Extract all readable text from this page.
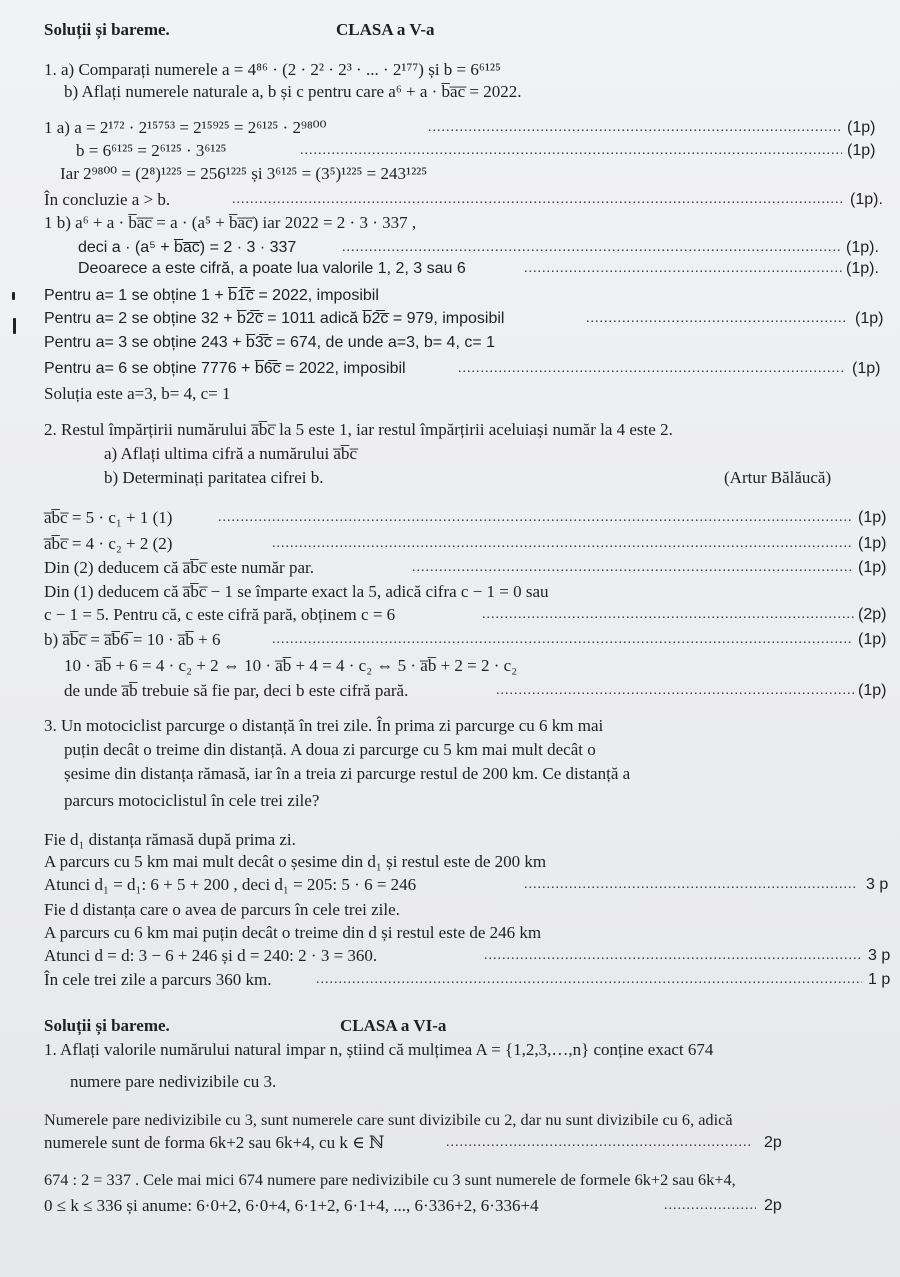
Soluții și bareme.	CLASA a V-a
1. a) Comparați numerele a = 4⁸⁶ · (2 · 2² · 2³ · ... · 2¹⁷⁷) și b = 6⁶¹²⁵
b) Aflați numerele naturale a, b și c pentru care a⁶ + a · b̅a̅c̅ = 2022.
1 a) a = 2¹⁷² · 2¹⁵⁷⁵³ = 2¹⁵⁹²⁵ = 2⁶¹²⁵ · 2⁹⁸⁰⁰ .....	(1p)
b = 6⁶¹²⁵ = 2⁶¹²⁵ · 3⁶¹²⁵ .....	(1p)
Iar 2⁹⁸⁰⁰ = (2⁸)¹²²⁵ = 256¹²²⁵ și 3⁶¹²⁵ = (3⁵)¹²²⁵ = 243¹²²⁵
În concluzie a > b. .....	(1p).
1 b) a⁶ + a · b̅a̅c̅ = a · (a⁵ + b̅a̅c̅) iar 2022 = 2 · 3 · 337 ,
deci a · (a⁵ + b̅a̅c̅) = 2 · 3 · 337 .....	(1p).
Deoarece a este cifră, a poate lua valorile 1, 2, 3 sau 6 .....	(1p).
Pentru a= 1 se obține 1 + b̅1̅c̅ = 2022, imposibil
Pentru a= 2 se obține 32 + b̅2̅c̅ = 1011 adică b̅2̅c̅ = 979, imposibil .....	(1p)
Pentru a= 3 se obține 243 + b̅3̅c̅ = 674, de unde a=3, b= 4, c= 1
Pentru a= 6 se obține 7776 + b̅6̅c̅ = 2022, imposibil .....	(1p)
Soluția este a=3, b= 4, c= 1
2. Restul împărțirii numărului a̅b̅c̅ la 5 este 1, iar restul împărțirii aceluiași număr la 4 este 2.
a) Aflați ultima cifră a numărului a̅b̅c̅
b) Determinați paritatea cifrei b.	(Artur Bălăucă)
a̅b̅c̅ = 5 · c₁ + 1 (1) .....	(1p)
a̅b̅c̅ = 4 · c₂ + 2 (2) .....	(1p)
Din (2) deducem că a̅b̅c̅ este număr par. .....	(1p)
Din (1) deducem că a̅b̅c̅ − 1 se împarte exact la 5, adică cifra c − 1 = 0 sau
c − 1 = 5. Pentru că, c este cifră pară, obținem c = 6 .....	(2p)
b) a̅b̅c̅ = a̅b̅6̅ = 10 · a̅b̅ + 6 .....	(1p)
10 · a̅b̅ + 6 = 4 · c₂ + 2 ⇔ 10 · a̅b̅ + 4 = 4 · c₂ ⇔ 5 · a̅b̅ + 2 = 2 · c₂
de unde a̅b̅ trebuie să fie par, deci b este cifră pară. .....	(1p)
3. Un motociclist parcurge o distanță în trei zile. În prima zi parcurge cu 6 km mai
puțin decât o treime din distanță. A doua zi parcurge cu 5 km mai mult decât o
șesime din distanța rămasă, iar în a treia zi parcurge restul de 200 km. Ce distanță a
parcurs motociclistul în cele trei zile?
Fie d₁ distanța rămasă după prima zi.
A parcurs cu 5 km mai mult decât o șesime din d₁ și restul este de 200 km
Atunci d₁ = d₁: 6 + 5 + 200 , deci d₁ = 205: 5 · 6 = 246 .....	3 p
Fie d distanța care o avea de parcurs în cele trei zile.
A parcurs cu 6 km mai puțin decât o treime din d și restul este de 246 km
Atunci d = d: 3 − 6 + 246 și d = 240: 2 · 3 = 360. .....	3 p
În cele trei zile a parcurs 360 km. .....	1 p
Soluții și bareme.	CLASA a VI-a
1. Aflați valorile numărului natural impar n, știind că mulțimea A = {1,2,3,…,n} conține exact 674
numere pare nedivizibile cu 3.
Numerele pare nedivizibile cu 3, sunt numerele care sunt divizibile cu 2, dar nu sunt divizibile cu 6, adică
numerele sunt de forma 6k+2 sau 6k+4, cu k ∈ ℕ .....	2p
674 : 2 = 337 . Cele mai mici 674 numere pare nedivizibile cu 3 sunt numerele de formele 6k+2 sau 6k+4,
0 ≤ k ≤ 336 și anume: 6·0+2, 6·0+4, 6·1+2, 6·1+4, ..., 6·336+2, 6·336+4 .....	2p
